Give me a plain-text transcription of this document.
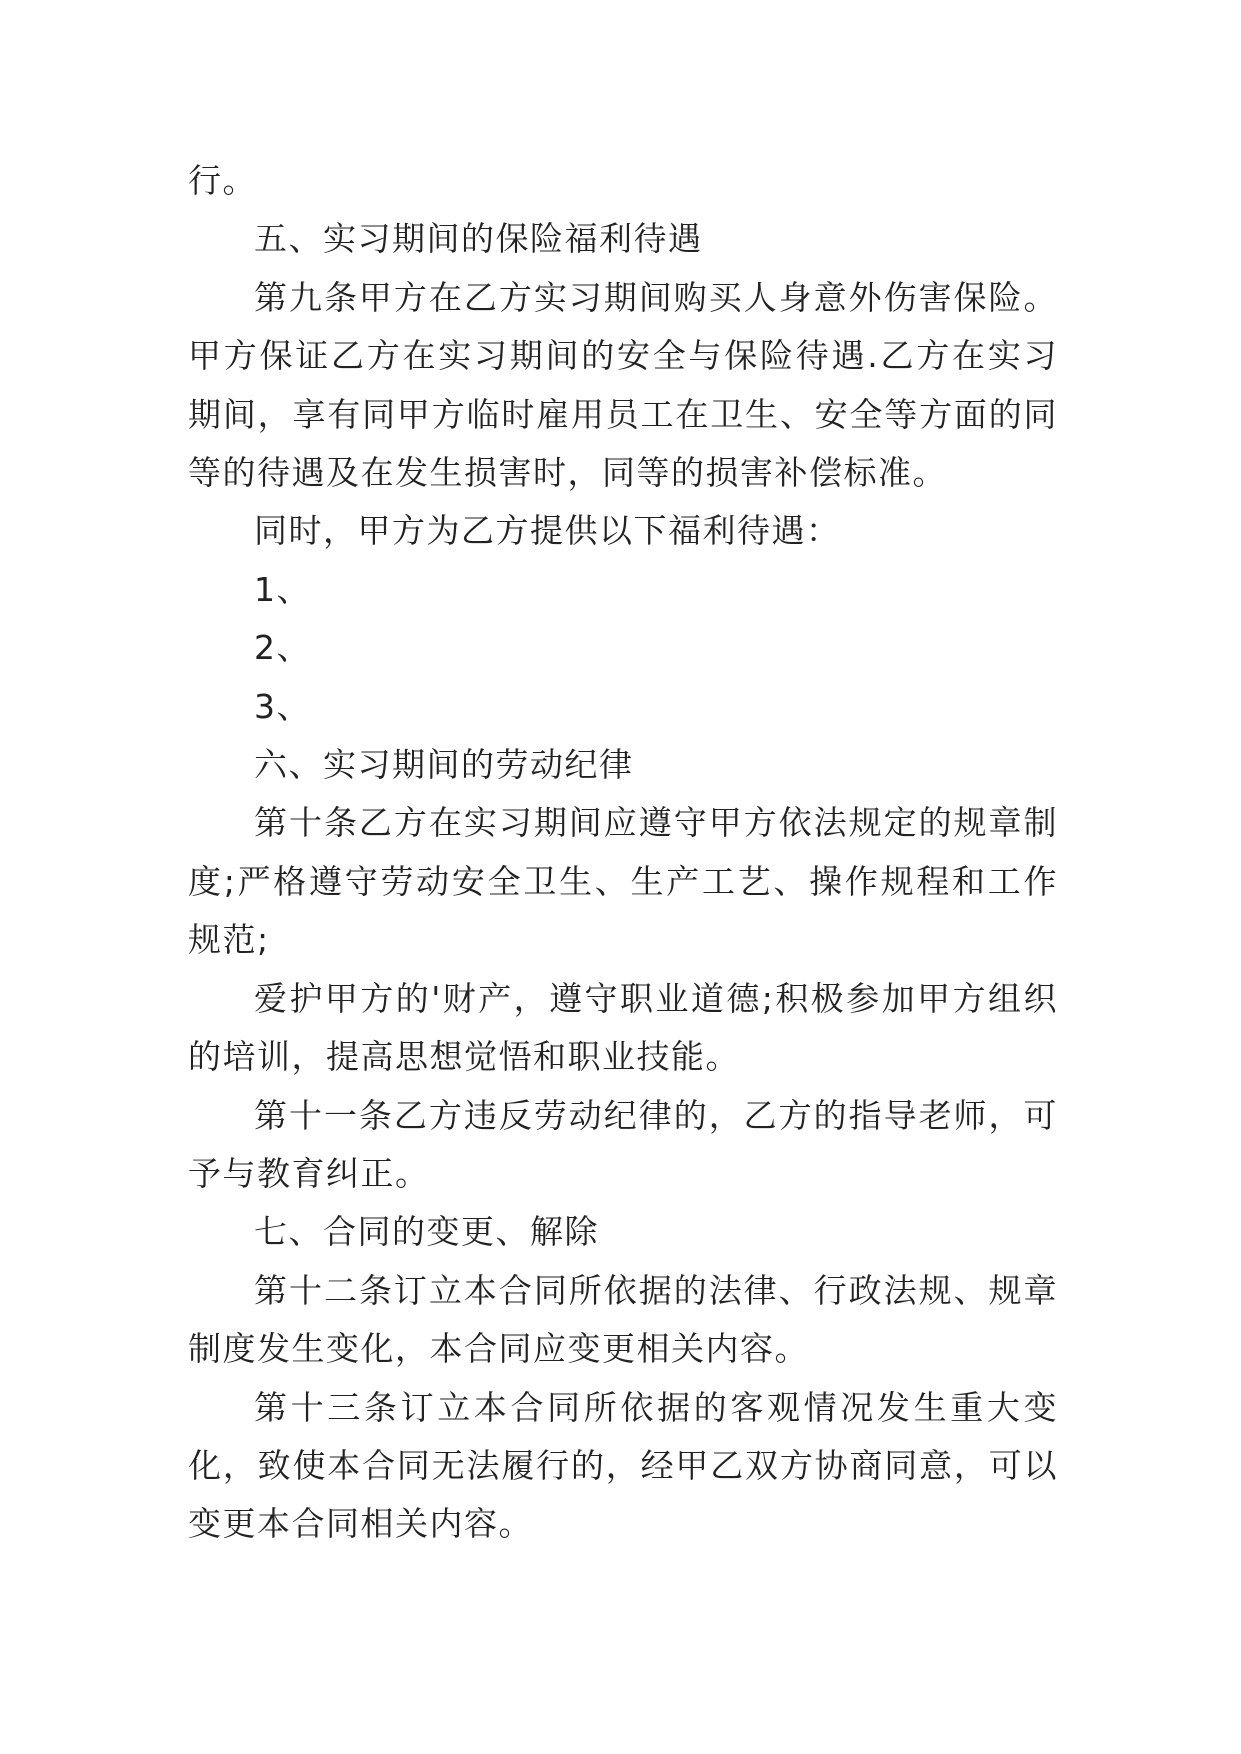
行。

五、实习期间的保险福利待遇

第九条甲方在乙方实习期间购买人身意外伤害保险。甲方保证乙方在实习期间的安全与保险待遇.乙方在实习期间，享有同甲方临时雇用员工在卫生、安全等方面的同等的待遇及在发生损害时，同等的损害补偿标准。

同时，甲方为乙方提供以下福利待遇：

1、

2、

3、

六、实习期间的劳动纪律

第十条乙方在实习期间应遵守甲方依法规定的规章制度;严格遵守劳动安全卫生、生产工艺、操作规程和工作规范;

爱护甲方的'财产，遵守职业道德;积极参加甲方组织的培训，提高思想觉悟和职业技能。

第十一条乙方违反劳动纪律的，乙方的指导老师，可予与教育纠正。

七、合同的变更、解除

第十二条订立本合同所依据的法律、行政法规、规章制度发生变化，本合同应变更相关内容。

第十三条订立本合同所依据的客观情况发生重大变化，致使本合同无法履行的，经甲乙双方协商同意，可以变更本合同相关内容。
